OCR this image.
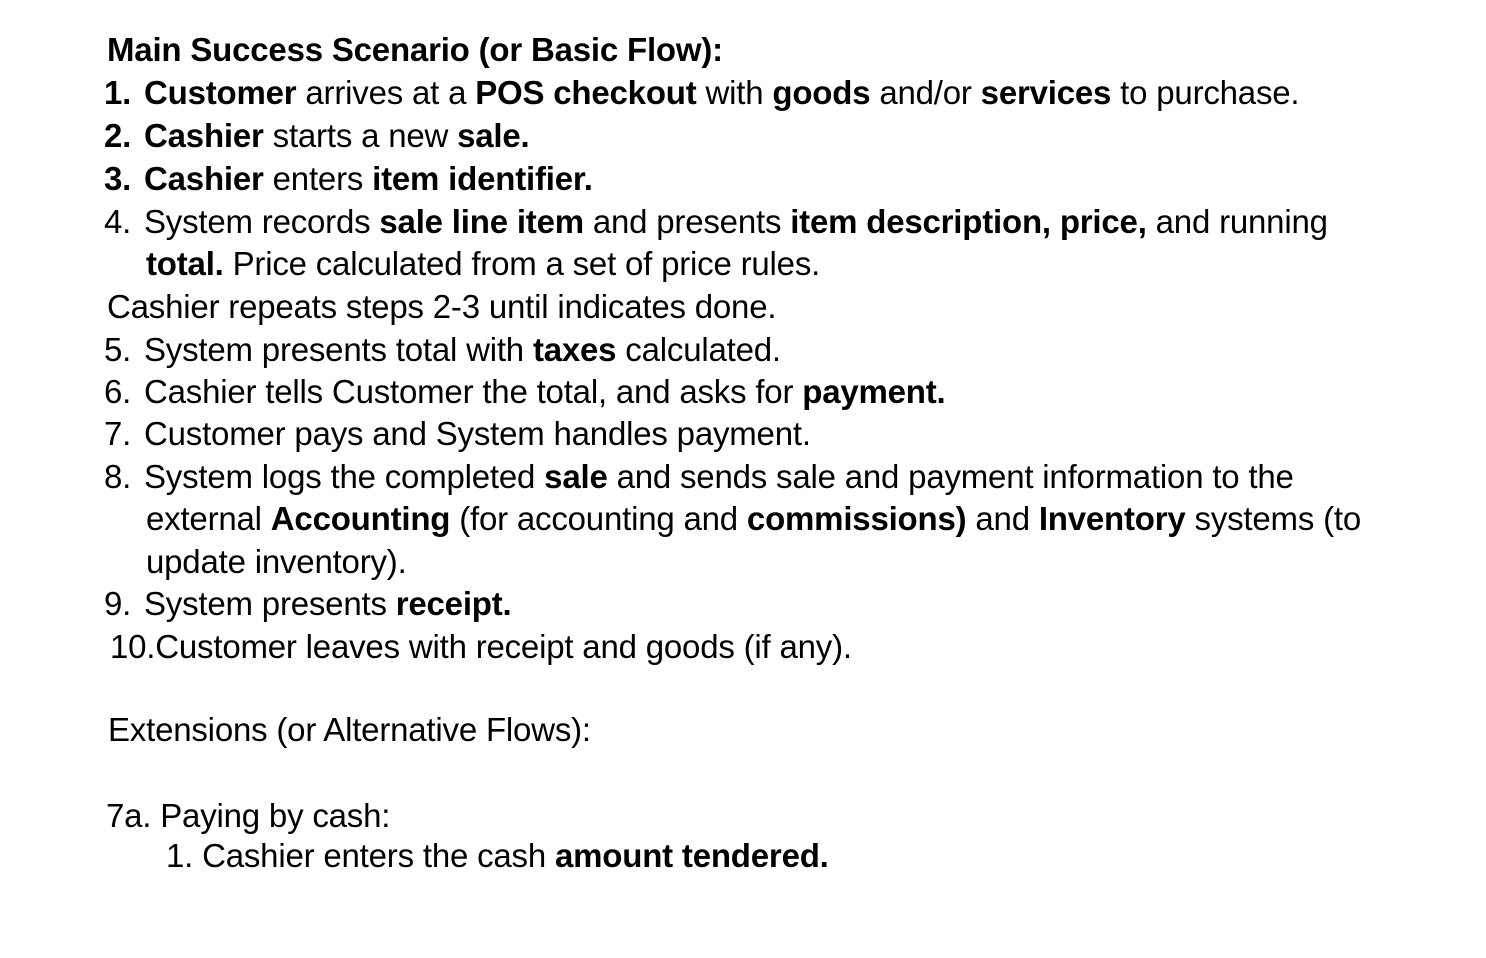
Main Success Scenario (or Basic Flow):
1. Customer arrives at a POS checkout with goods and/or services to purchase.
2. Cashier starts a new sale.
3. Cashier enters item identifier.
4. System records sale line item and presents item description, price, and running
total. Price calculated from a set of price rules.
Cashier repeats steps 2-3 until indicates done.
5. System presents total with taxes calculated.
6. Cashier tells Customer the total, and asks for payment.
7. Customer pays and System handles payment.
8. System logs the completed sale and sends sale and payment information to the
external Accounting (for accounting and commissions) and Inventory systems (to
update inventory).
9. System presents receipt.
10.Customer leaves with receipt and goods (if any).
Extensions (or Alternative Flows):
7a. Paying by cash:
1. Cashier enters the cash amount tendered.
